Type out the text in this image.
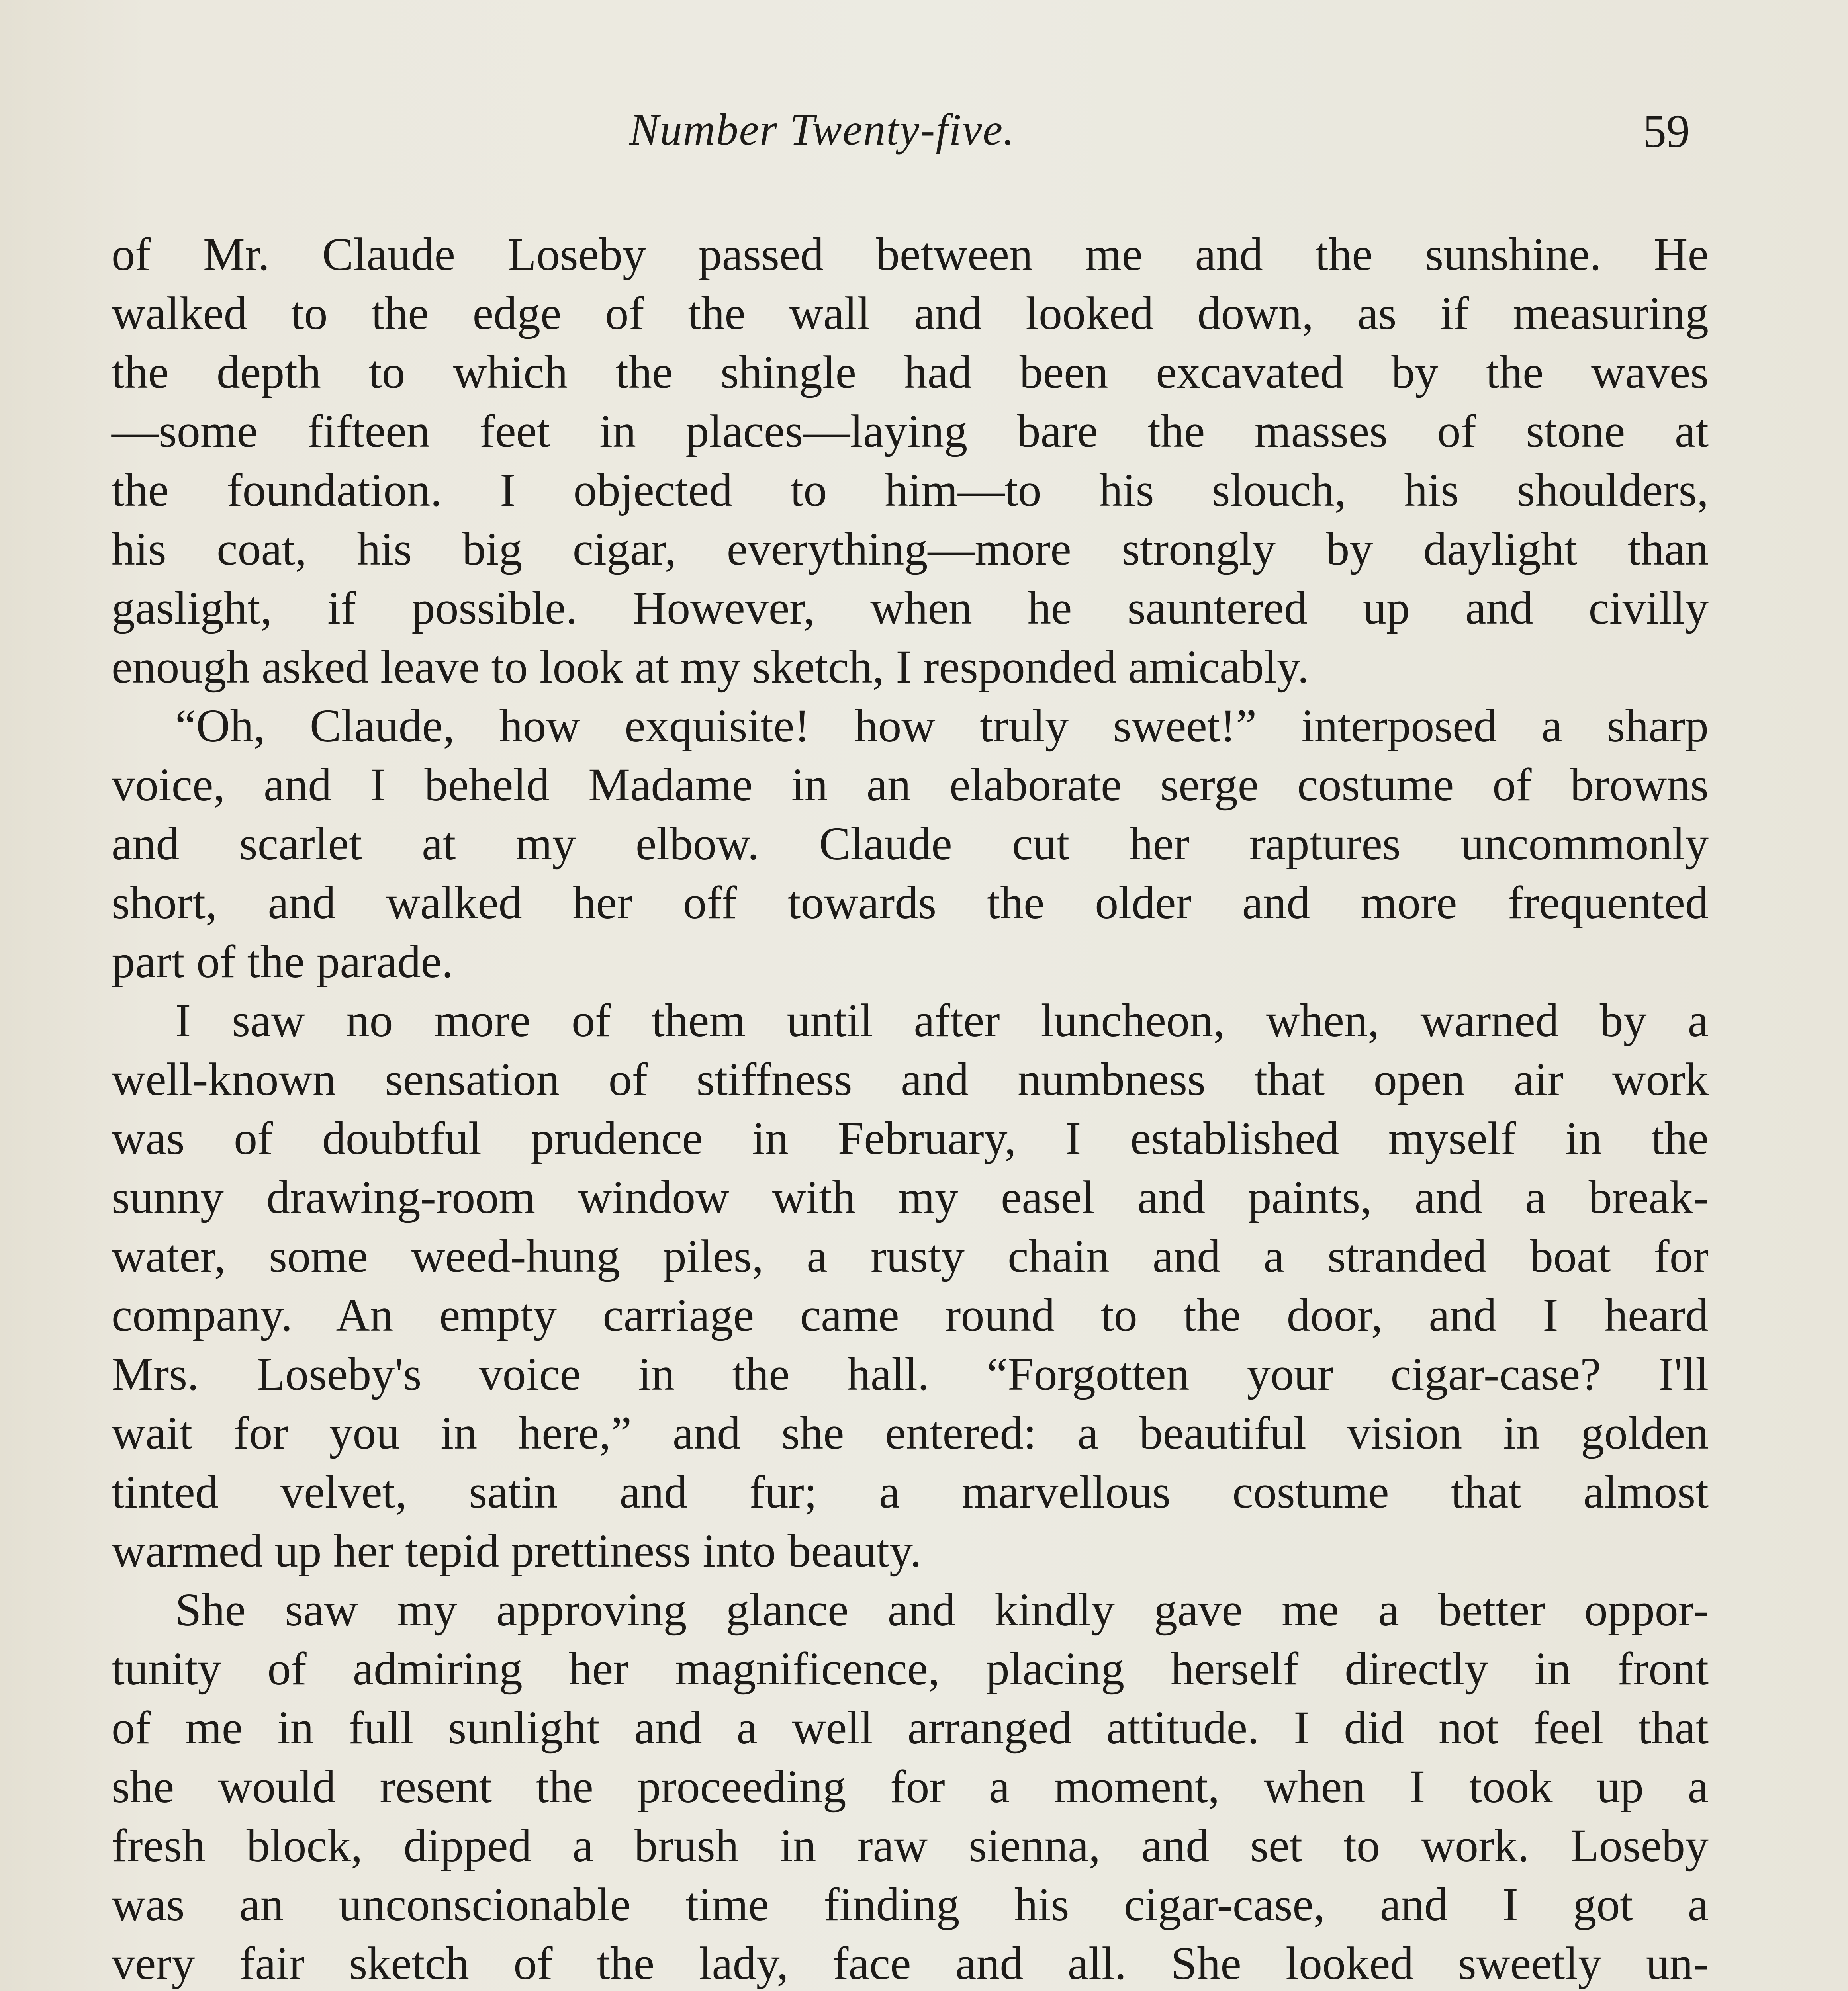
Number Twenty-five.	59
of Mr. Claude Loseby passed between me and the sunshine. He
walked to the edge of the wall and looked down, as if measuring
the depth to which the shingle had been excavated by the waves
—some fifteen feet in places—laying bare the masses of stone at
the foundation. I objected to him—to his slouch, his shoulders,
his coat, his big cigar, everything—more strongly by daylight than
gaslight, if possible. However, when he sauntered up and civilly
enough asked leave to look at my sketch, I responded amicably.
“Oh, Claude, how exquisite! how truly sweet!” interposed a sharp
voice, and I beheld Madame in an elaborate serge costume of browns
and scarlet at my elbow. Claude cut her raptures uncommonly
short, and walked her off towards the older and more frequented
part of the parade.
I saw no more of them until after luncheon, when, warned by a
well-known sensation of stiffness and numbness that open air work
was of doubtful prudence in February, I established myself in the
sunny drawing-room window with my easel and paints, and a break-
water, some weed-hung piles, a rusty chain and a stranded boat for
company. An empty carriage came round to the door, and I heard
Mrs. Loseby's voice in the hall. “Forgotten your cigar-case? I'll
wait for you in here,” and she entered: a beautiful vision in golden
tinted velvet, satin and fur; a marvellous costume that almost
warmed up her tepid prettiness into beauty.
She saw my approving glance and kindly gave me a better oppor-
tunity of admiring her magnificence, placing herself directly in front
of me in full sunlight and a well arranged attitude. I did not feel that
she would resent the proceeding for a moment, when I took up a
fresh block, dipped a brush in raw sienna, and set to work. Loseby
was an unconscionable time finding his cigar-case, and I got a
very fair sketch of the lady, face and all. She looked sweetly un-
